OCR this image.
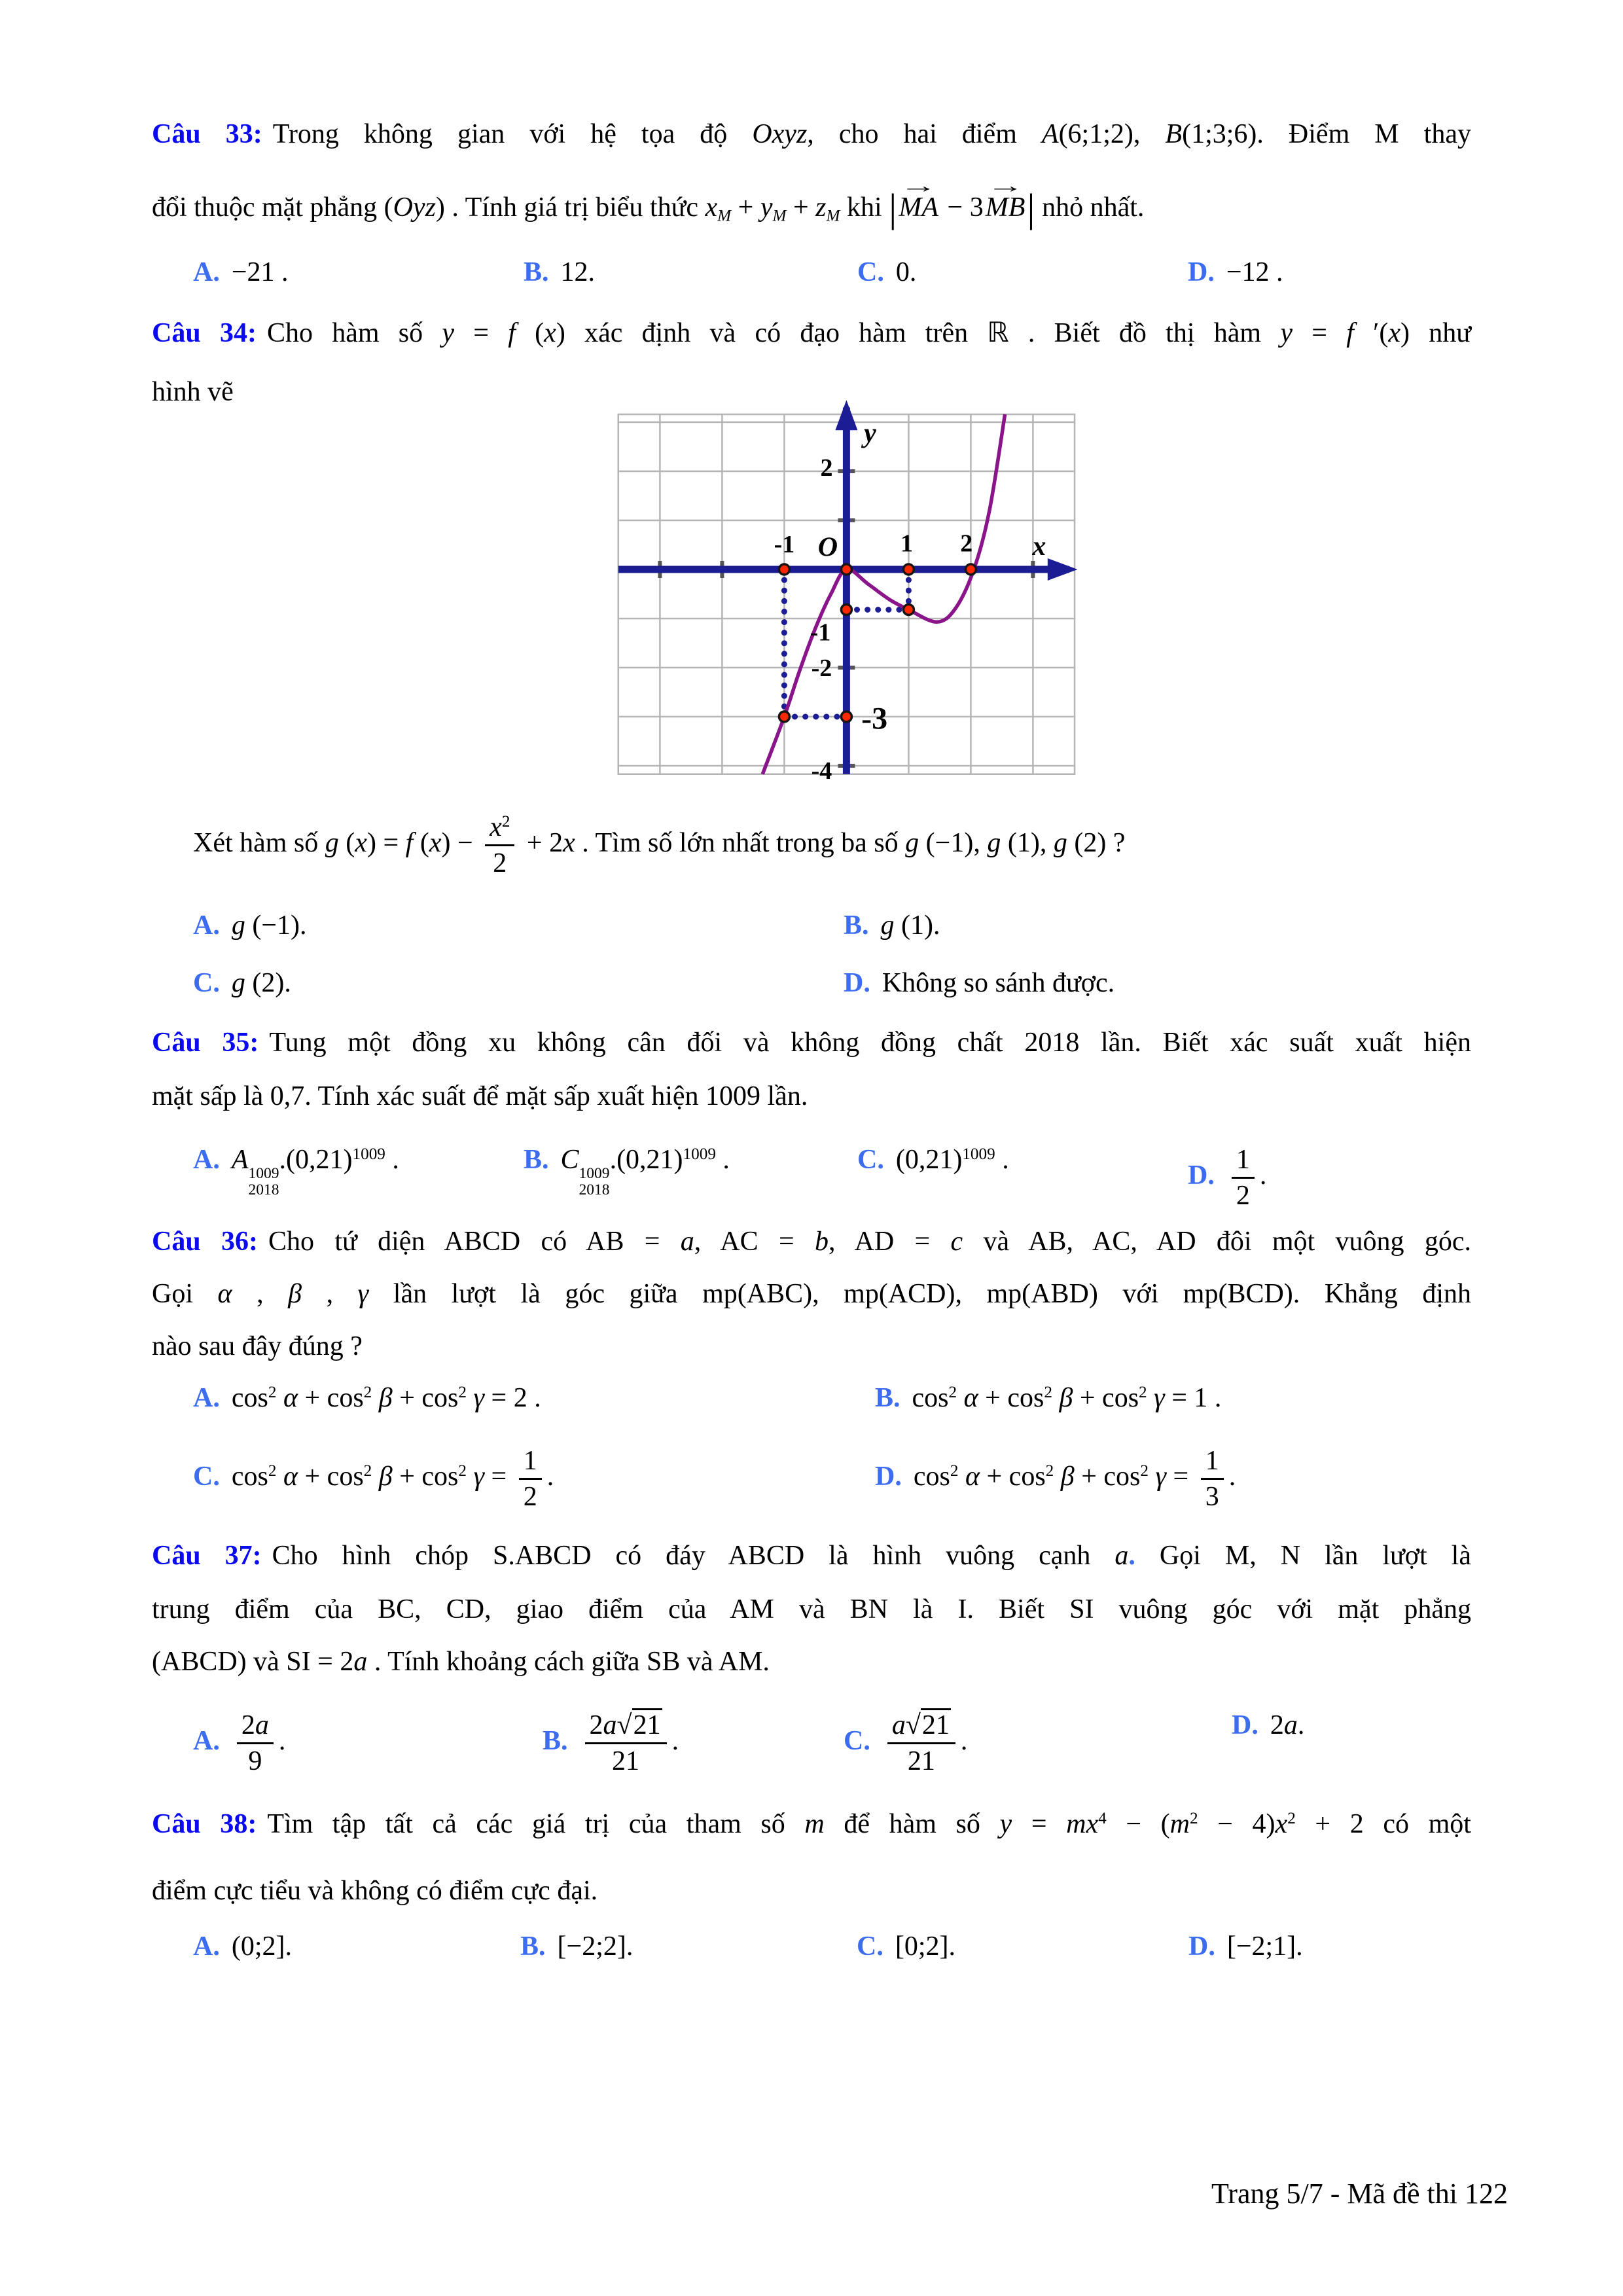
Câu 33: Trong không gian với hệ tọa độ Oxyz, cho hai điểm A(6;1;2), B(1;3;6). Điểm M thay
đổi thuộc mặt phẳng (Oyz) . Tính giá trị biểu thức $x_M + y_M + z_M$ khi |
→
MA − 3
→
MB| nhỏ nhất.
A. −21 .	B. 12.	C. 0.	D. −12 .
Câu 34: Cho hàm số y = f (x) xác định và có đạo hàm trên ℝ . Biết đồ thị hàm y = f ′(x) như
hình vẽ
y
x
O
-1	1 2
2
-1
-2
-3
-4
Xét hàm số g (x) = f $(x) - \frac{x^2}{2} + 2x$ . Tìm số lớn nhất trong ba số g (−1), g (1), g (2) ?
A. g (−1).	B. g (1).
C. g (2).	D. Không so sánh được.
Câu 35: Tung một đồng xu không cân đối và không đồng chất 2018 lần. Biết xác suất xuất hiện
mặt sấp là 0,7. Tính xác suất để mặt sấp xuất hiện 1009 lần.
A. A 1009
2018
$.(0,21)^{1009}$ .	B. C 1009
2018
$.(0,21)^{1009}$ .	C. $(0,21)^{1009}$ .
D. $\frac{1}{2}$ .
Câu 36: Cho tứ diện ABCD có AB = a, AC = b, AD = c và AB, AC, AD đôi một vuông góc.
Gọi α , β , γ lần lượt là góc giữa mp(ABC), mp(ACD), mp(ABD) với mp(BCD). Khẳng định
nào sau đây đúng ?
A. $\cos^2 \alpha + \cos^2 \beta + \cos^2 \gamma = 2$ .	B. $\cos^2 \alpha + \cos^2 \beta + \cos^2 \gamma = 1$ .
C. $\cos^2 \alpha + \cos^2 \beta + \cos^2 \gamma = \frac{1}{2}$ .	D. $\cos^2 \alpha + \cos^2 \beta + \cos^2 \gamma = \frac{1}{3}$ .
Câu 37: Cho hình chóp S.ABCD có đáy ABCD là hình vuông cạnh a. Gọi M, N lần lượt là
trung điểm của BC, CD, giao điểm của AM và BN là I. Biết SI vuông góc với mặt phẳng
(ABCD) và SI = 2a . Tính khoảng cách giữa SB và AM.
A. $\frac{2a}{9}$ .	B. $\frac{2a√21}{21}$ .	C. $\frac{a√21}{21}$ .
D. 2a.
Câu 38: Tìm tập tất cả các giá trị của tham số m để hàm số $y = mx^4 - (m^2 - 4)x^2 + 2$ có một
điểm cực tiểu và không có điểm cực đại.
A. (0;2].	B. [−2;2].	C. [0;2].	D. [−2;1].
Trang 5/7 - Mã đề thi 122
